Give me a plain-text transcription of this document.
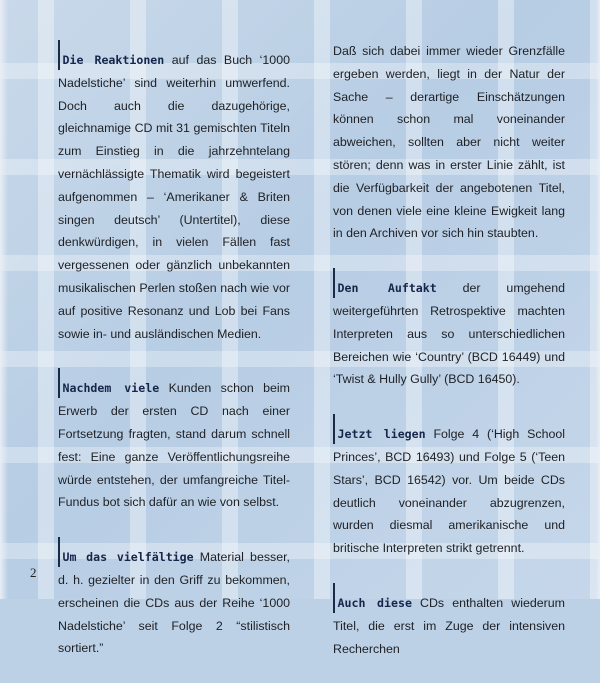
Die Reaktionen auf das Buch ‘1000 Nadelstiche’ sind weiterhin umwerfend. Doch auch die dazugehörige, gleichnamige CD mit 31 gemischten Titeln zum Einstieg in die jahrzehntelang vernächlässigte Thematik wird begeistert aufgenommen – ‘Amerikaner & Briten singen deutsch’ (Untertitel), diese denkwürdigen, in vielen Fällen fast vergessenen oder gänzlich unbekannten musikalischen Perlen stoßen nach wie vor auf positive Resonanz und Lob bei Fans sowie in- und ausländischen Medien.

Nachdem viele Kunden schon beim Erwerb der ersten CD nach einer Fortsetzung fragten, stand darum schnell fest: Eine ganze Veröffentlichungsreihe würde entstehen, der umfangreiche Titel-Fundus bot sich dafür an wie von selbst.

Um das vielfältige Material besser, d. h. gezielter in den Griff zu bekommen, erscheinen die CDs aus der Reihe ‘1000 Nadelstiche’ seit Folge 2 “stilistisch sortiert.”

Daß sich dabei immer wieder Grenzfälle ergeben werden, liegt in der Natur der Sache – derartige Einschätzungen können schon mal voneinander abweichen, sollten aber nicht weiter stören; denn was in erster Linie zählt, ist die Verfügbarkeit der angebotenen Titel, von denen viele eine kleine Ewigkeit lang in den Archiven vor sich hin staubten.

Den Auftakt der umgehend weitergeführten Retrospektive machten Interpreten aus so unterschiedlichen Bereichen wie ‘Country’ (BCD 16449) und ‘Twist & Hully Gully’ (BCD 16450).

Jetzt liegen Folge 4 (‘High School Princes’, BCD 16493) und Folge 5 (‘Teen Stars’, BCD 16542) vor. Um beide CDs deutlich voneinander abzugrenzen, wurden diesmal amerikanische und britische Interpreten strikt getrennt.

Auch diese CDs enthalten wiederum Titel, die erst im Zuge der intensiven Recherchen

2
